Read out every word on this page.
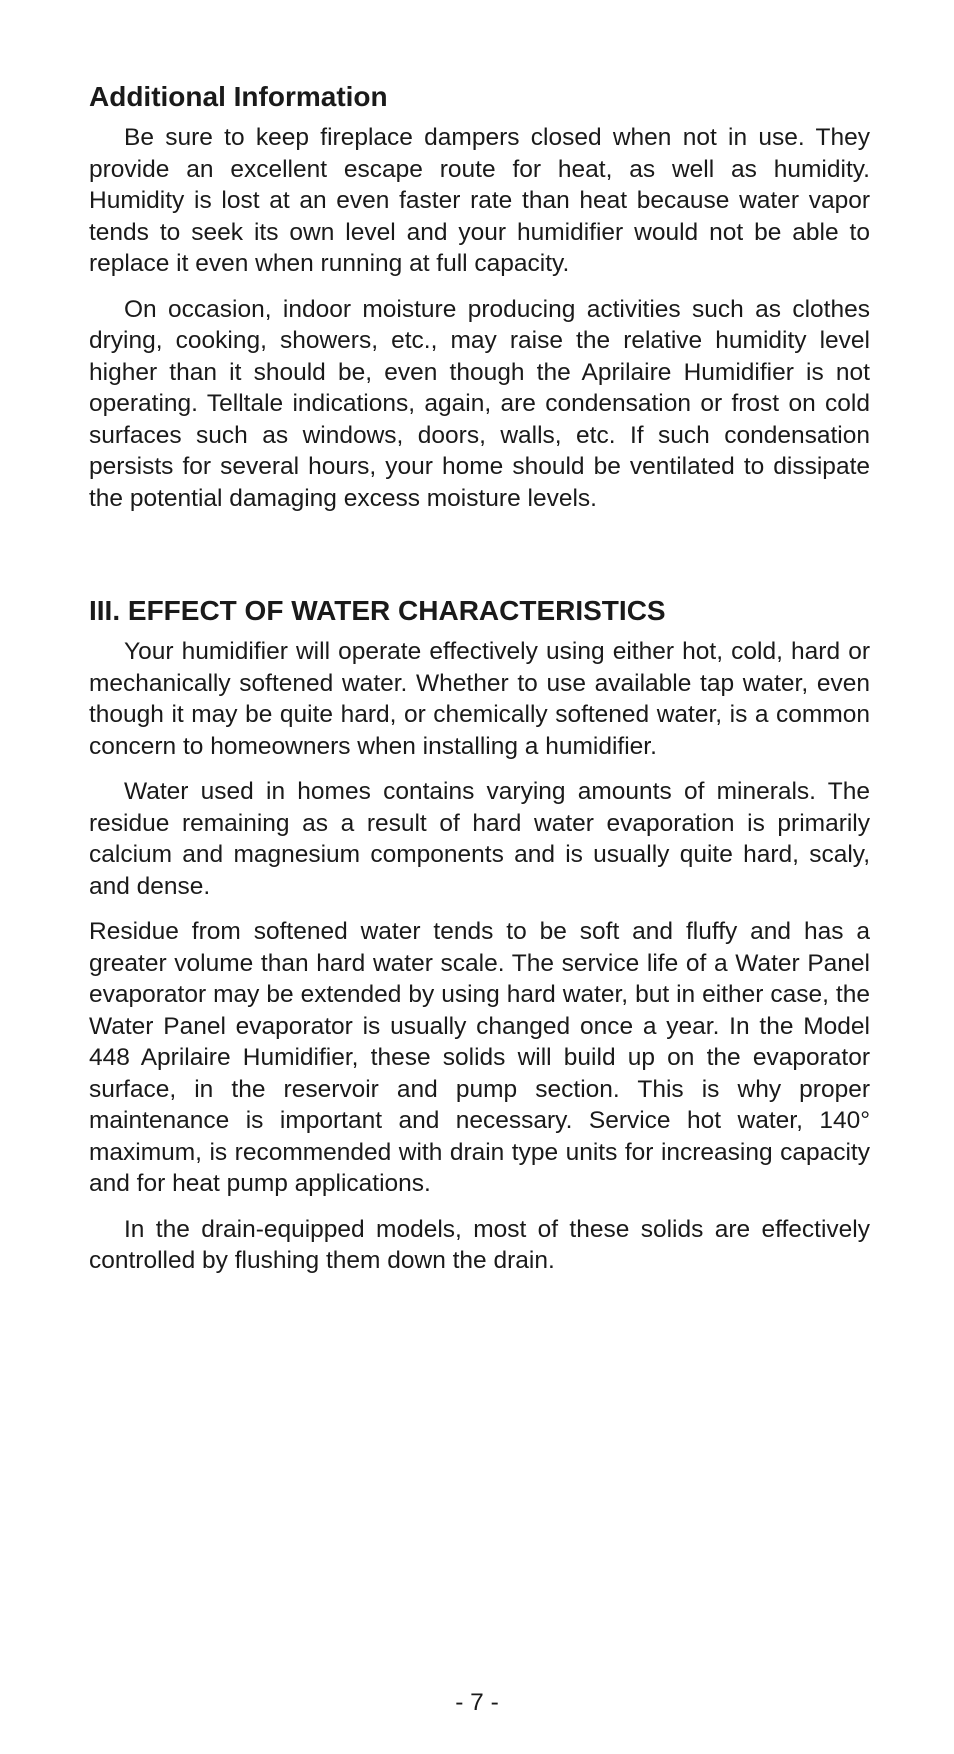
Additional Information

Be sure to keep fireplace dampers closed when not in use. They provide an excellent escape route for heat, as well as humidity. Humidity is lost at an even faster rate than heat because water vapor tends to seek its own level and your humidifier would not be able to replace it even when running at full capacity.

On occasion, indoor moisture producing activities such as clothes drying, cooking, showers, etc., may raise the relative humidity level higher than it should be, even though the Aprilaire Humidifier is not operating. Telltale indications, again, are condensation or frost on cold surfaces such as windows, doors, walls, etc. If such condensation persists for several hours, your home should be ventilated to dissipate the potential damaging excess moisture levels.

III. EFFECT OF WATER CHARACTERISTICS

Your humidifier will operate effectively using either hot, cold, hard or mechanically softened water. Whether to use available tap water, even though it may be quite hard, or chemically softened water, is a common concern to homeowners when installing a humidifier.

Water used in homes contains varying amounts of minerals. The residue remaining as a result of hard water evaporation is primarily calcium and magnesium components and is usually quite hard, scaly, and dense.

Residue from softened water tends to be soft and fluffy and has a greater volume than hard water scale. The service life of a Water Panel evaporator may be extended by using hard water, but in either case, the Water Panel evaporator is usually changed once a year. In the Model 448 Aprilaire Humidifier, these solids will build up on the evaporator surface, in the reservoir and pump section. This is why proper maintenance is important and necessary. Service hot water, 140° maximum, is recommended with drain type units for increasing capacity and for heat pump applications.

In the drain-equipped models, most of these solids are effectively controlled by flushing them down the drain.

- 7 -
